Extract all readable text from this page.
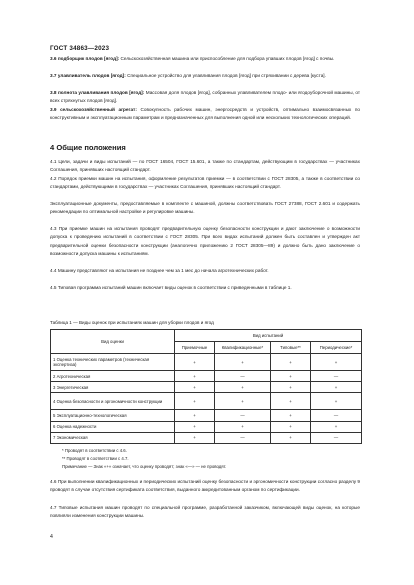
ГОСТ 34863—2023
3.6 подборщик плодов [ягод]: Сельскохозяйственная машина или приспособление для подбора упавших плодов [ягод] с почвы.
3.7 улавливатель плодов [ягод]: Специальное устройство для улавливания плодов [ягод] при стряхивании с дерева [куста].
3.8 полнота улавливания плодов [ягод]: Массовая доля плодов [ягод], собранных улавливателем плодо- или ягодоуборочной машины, от всех стряхнутых плодов [ягод].
3.9 сельскохозяйственный агрегат: Совокупность рабочих машин, энергосредств и устройств, оптимально взаимосвязанных по конструктивным и эксплуатационным параметрам и предназначенных для выполнения одной или нескольких технологических операций.
4 Общие положения
4.1 Цели, задачи и виды испытаний — по ГОСТ 16504, ГОСТ 15.601, а также по стандартам, действующим в государствах — участниках Соглашения, принявших настоящий стандарт.
4.2 Порядок приемки машин на испытания, оформление результатов приемки — в соответствии с ГОСТ 28305, а также в соответствии со стандартами, действующими в государствах — участниках Соглашения, принявших настоящий стандарт.
Эксплуатационные документы, предоставляемые в комплекте с машиной, должны соответствовать ГОСТ 27388, ГОСТ 2.601 и содержать рекомендации по оптимальной настройке и регулировке машины.
4.3 При приемке машин на испытания проводят предварительную оценку безопасности конструкции и дают заключение о возможности допуска к проведению испытаний в соответствии с ГОСТ 28305. При всех видах испытаний должен быть составлен и утвержден акт предварительной оценки безопасности конструкции (аналогично приложению 2 ГОСТ 28305—89) и должно быть дано заключение о возможности допуска машины к испытаниям.
4.4 Машину представляют на испытания не позднее чем за 1 мес до начала агротехнических работ.
4.5 Типовая программа испытаний машин включает виды оценок в соответствии с приведенными в таблице 1.
Таблица 1 — Виды оценок при испытаниях машин для уборки плодов и ягод
Вид оценки	Вид испытаний			
	Приемочные	Квалификационные*	Типовые**	Периодические*
1 Оценка технических параметров (техническая экспертиза)	+	+	+	+
2 Агротехническая	+	—	+	—
3 Энергетическая	+	+	+	+
4 Оценка безопасности и эргономичности конструкции	+	+	+	+
5 Эксплуатационно-технологическая	+	—	+	—
6 Оценка надежности	+	+	+	+
7 Экономическая	+	—	+	—
* Проводят в соответствии с 4.6.
** Проводят в соответствии с 4.7.
Примечание — Знак «+» означает, что оценку проводят; знак «—» — не проводят.
4.6 При выполнении квалификационных и периодических испытаний оценку безопасности и эргономичности конструкции согласно разделу 9 проводят в случае отсутствия сертификата соответствия, выданного аккредитованным органом по сертификации.
4.7 Типовые испытания машин проводят по специальной программе, разработанной заказчиком, включающей виды оценок, на которые повлияли изменения конструкции машины.
4
